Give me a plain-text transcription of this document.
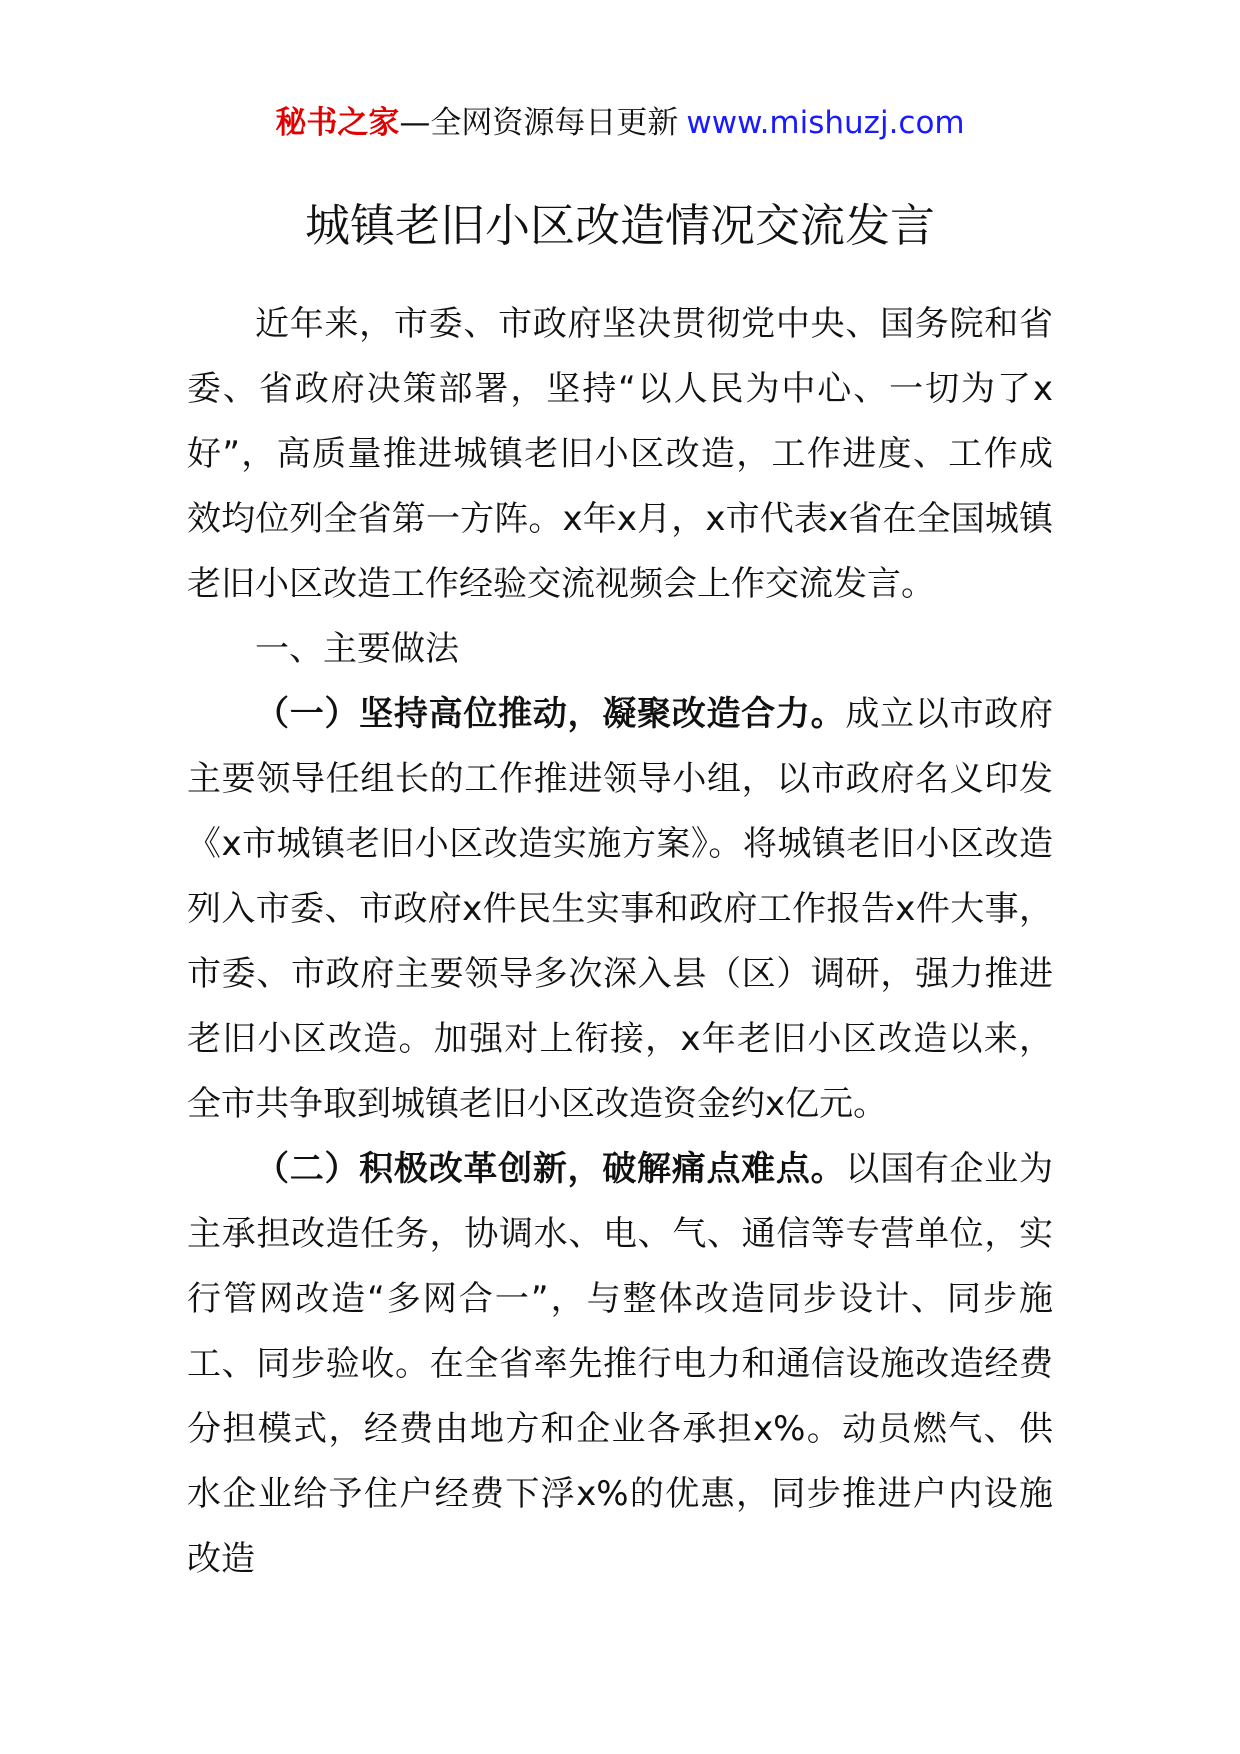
秘书之家—全网资源每日更新 www.mishuzj.com
城镇老旧小区改造情况交流发言

近年来，市委、市政府坚决贯彻党中央、国务院和省委、省政府决策部署，坚持“以人民为中心、一切为了x好”，高质量推进城镇老旧小区改造，工作进度、工作成效均位列全省第一方阵。x年x月，x市代表x省在全国城镇老旧小区改造工作经验交流视频会上作交流发言。

一、主要做法

（一）坚持高位推动，凝聚改造合力。成立以市政府主要领导任组长的工作推进领导小组，以市政府名义印发《x市城镇老旧小区改造实施方案》。将城镇老旧小区改造列入市委、市政府x件民生实事和政府工作报告x件大事，市委、市政府主要领导多次深入县（区）调研，强力推进老旧小区改造。加强对上衔接，x年老旧小区改造以来，全市共争取到城镇老旧小区改造资金约x亿元。

（二）积极改革创新，破解痛点难点。以国有企业为主承担改造任务，协调水、电、气、通信等专营单位，实行管网改造“多网合一”，与整体改造同步设计、同步施工、同步验收。在全省率先推行电力和通信设施改造经费分担模式，经费由地方和企业各承担x%。动员燃气、供水企业给予住户经费下浮x%的优惠，同步推进户内设施改造
